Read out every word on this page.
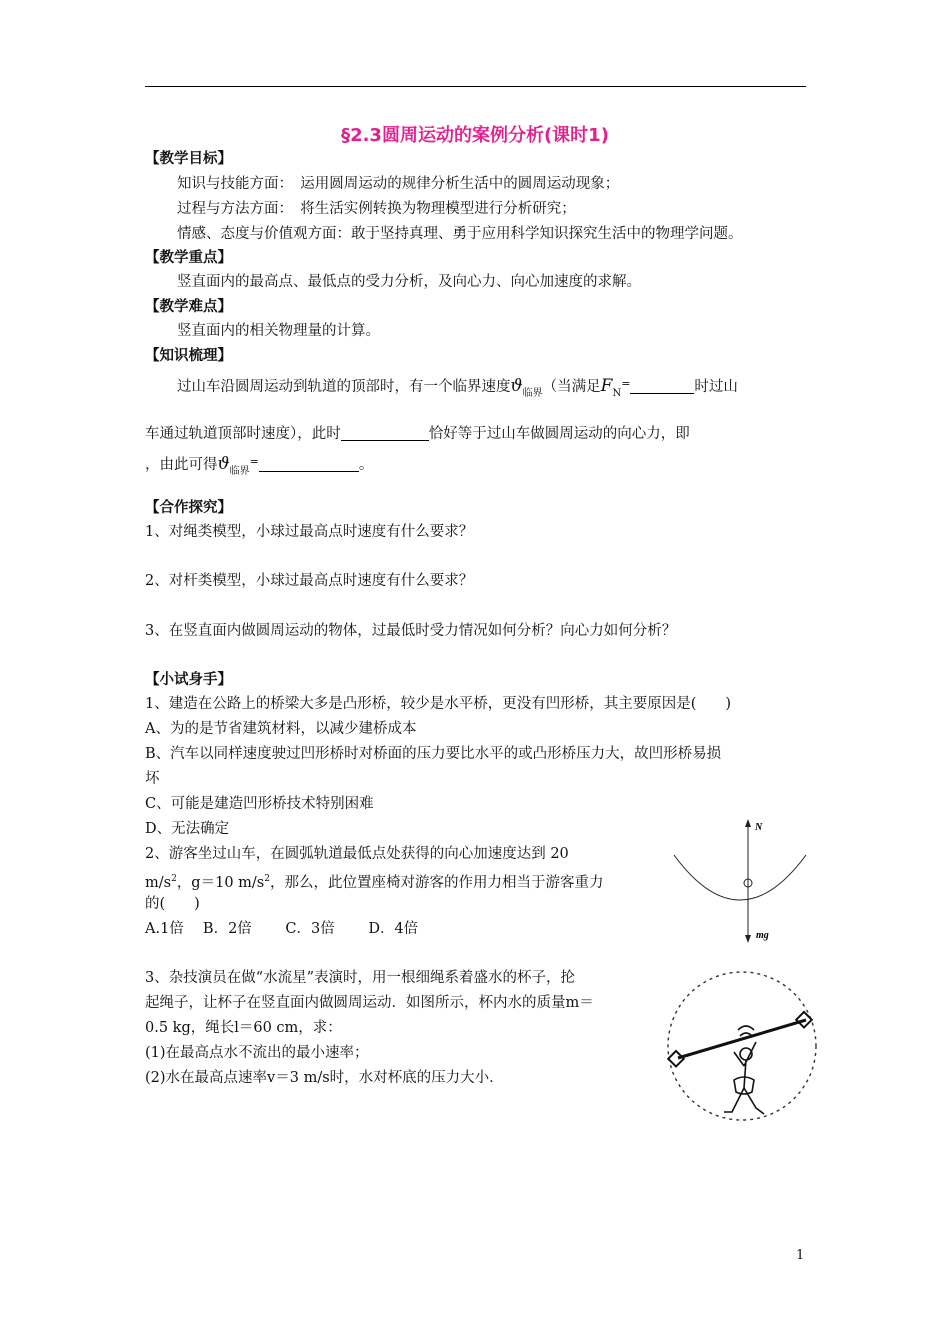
§2.3圆周运动的案例分析(课时1)
【教学目标】
知识与技能方面：　运用圆周运动的规律分析生活中的圆周运动现象；
过程与方法方面：　将生活实例转换为物理模型进行分析研究；
情感、态度与价值观方面：敢于坚持真理、勇于应用科学知识探究生活中的物理学问题。
【教学重点】
竖直面内的最高点、最低点的受力分析，及向心力、向心加速度的求解。
【教学难点】
竖直面内的相关物理量的计算。
【知识梳理】
过山车沿圆周运动到轨道的顶部时，有一个临界速度$ϑ_{临界}$（当满足$F_N^=$	时过山
车通过轨道顶部时速度），此时	恰好等于过山车做圆周运动的向心力，即
，由此可得$ϑ_{临界}^=$	。
【合作探究】
1、对绳类模型，小球过最高点时速度有什么要求？
2、对杆类模型，小球过最高点时速度有什么要求？
3、在竖直面内做圆周运动的物体，过最低时受力情况如何分析？向心力如何分析？
【小试身手】
1、建造在公路上的桥梁大多是凸形桥，较少是水平桥，更没有凹形桥，其主要原因是(　　)
A、为的是节省建筑材料，以减少建桥成本
B、汽车以同样速度驶过凹形桥时对桥面的压力要比水平的或凸形桥压力大，故凹形桥易损
坏
C、可能是建造凹形桥技术特别困难
D、无法确定
2、游客坐过山车，在圆弧轨道最低点处获得的向心加速度达到 20
$m/s^2$，g＝10 $m/s^2$，那么，此位置座椅对游客的作用力相当于游客重力
的(　　)
A.1倍　 B．2倍　　 C．3倍　　 D．4倍
N
mg
3、杂技演员在做“水流星”表演时，用一根细绳系着盛水的杯子，抡
起绳子，让杯子在竖直面内做圆周运动．如图所示，杯内水的质量m＝
0.5 kg，绳长l＝60 cm，求：
(1)在最高点水不流出的最小速率；
(2)水在最高点速率v＝3 m/s时，水对杯底的压力大小．
1
